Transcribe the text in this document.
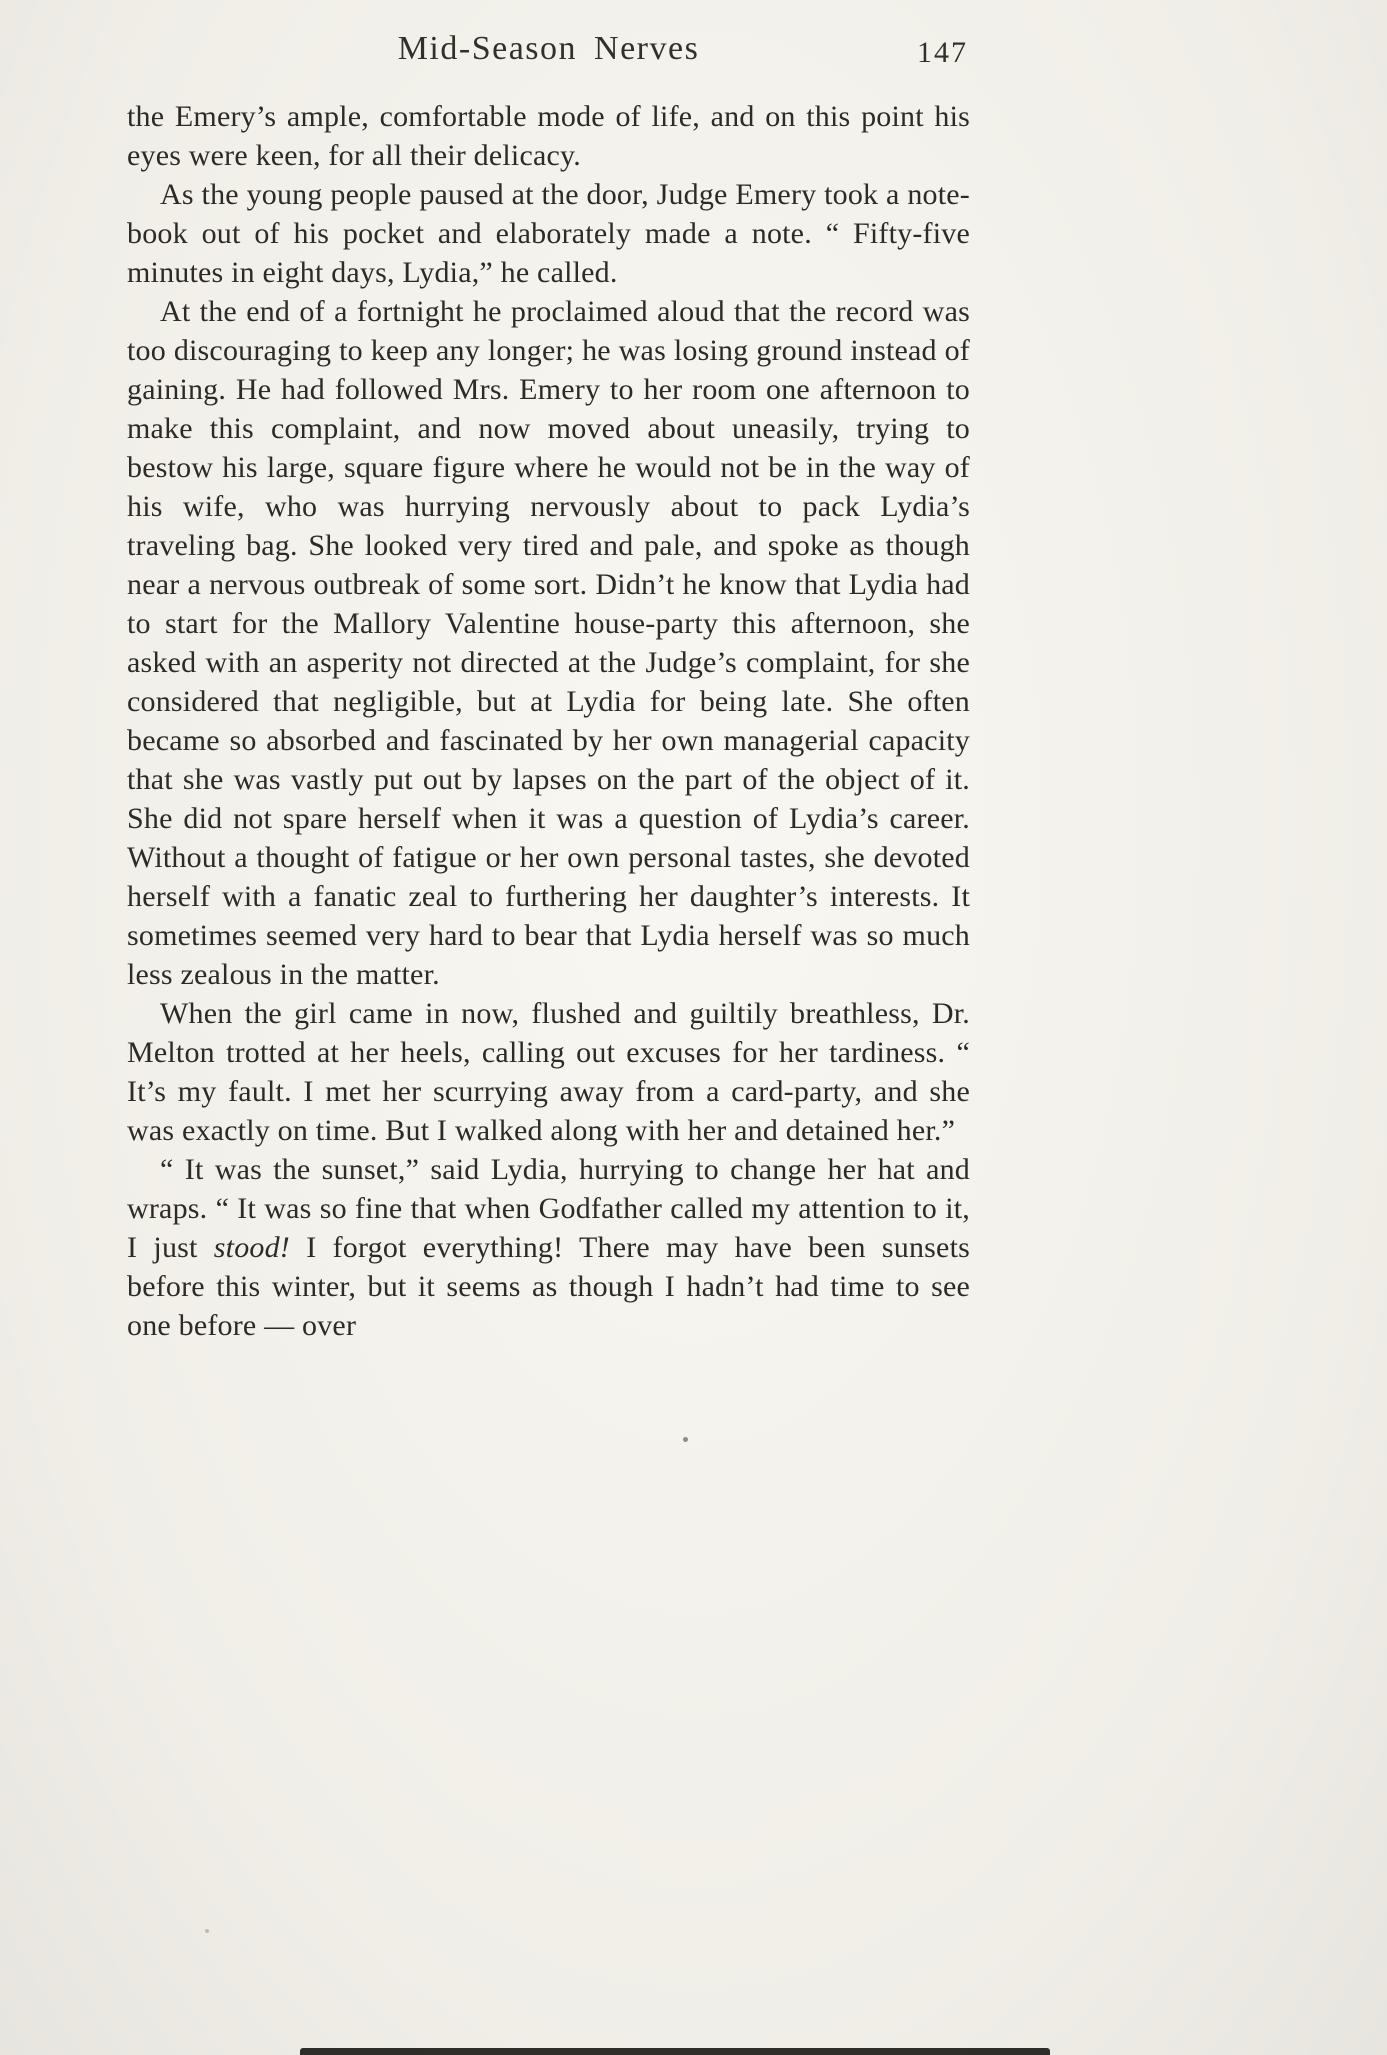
Mid-Season Nerves	147

the Emery’s ample, comfortable mode of life, and on this point his eyes were keen, for all their delicacy.

As the young people paused at the door, Judge Emery took a note-book out of his pocket and elaborately made a note. “ Fifty-five minutes in eight days, Lydia,” he called.

At the end of a fortnight he proclaimed aloud that the record was too discouraging to keep any longer; he was losing ground instead of gaining. He had followed Mrs. Emery to her room one afternoon to make this complaint, and now moved about uneasily, trying to bestow his large, square figure where he would not be in the way of his wife, who was hurrying nervously about to pack Lydia’s traveling bag. She looked very tired and pale, and spoke as though near a nervous outbreak of some sort. Didn’t he know that Lydia had to start for the Mallory Valentine house-party this afternoon, she asked with an asperity not directed at the Judge’s complaint, for she considered that negligible, but at Lydia for being late. She often became so absorbed and fascinated by her own managerial capacity that she was vastly put out by lapses on the part of the object of it. She did not spare herself when it was a question of Lydia’s career. Without a thought of fatigue or her own personal tastes, she devoted herself with a fanatic zeal to furthering her daughter’s interests. It sometimes seemed very hard to bear that Lydia herself was so much less zealous in the matter.

When the girl came in now, flushed and guiltily breathless, Dr. Melton trotted at her heels, calling out excuses for her tardiness. “ It’s my fault. I met her scurrying away from a card-party, and she was exactly on time. But I walked along with her and detained her.”

“ It was the sunset,” said Lydia, hurrying to change her hat and wraps. “ It was so fine that when Godfather called my attention to it, I just stood! I forgot everything! There may have been sunsets before this winter, but it seems as though I hadn’t had time to see one before — over
